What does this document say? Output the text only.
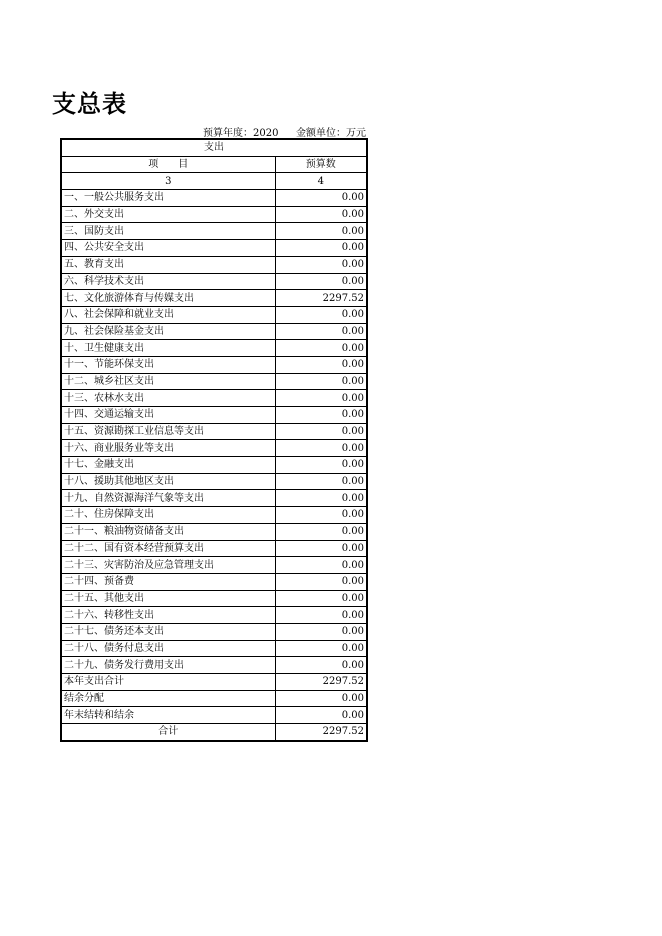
支总表
预算年度：2020 金额单位：万元
支出	
项　　目	预算数
3	4
一、一般公共服务支出	0.00
二、外交支出	0.00
三、国防支出	0.00
四、公共安全支出	0.00
五、教育支出	0.00
六、科学技术支出	0.00
七、文化旅游体育与传媒支出	2297.52
八、社会保障和就业支出	0.00
九、社会保险基金支出	0.00
十、卫生健康支出	0.00
十一、节能环保支出	0.00
十二、城乡社区支出	0.00
十三、农林水支出	0.00
十四、交通运输支出	0.00
十五、资源勘探工业信息等支出	0.00
十六、商业服务业等支出	0.00
十七、金融支出	0.00
十八、援助其他地区支出	0.00
十九、自然资源海洋气象等支出	0.00
二十、住房保障支出	0.00
二十一、粮油物资储备支出	0.00
二十二、国有资本经营预算支出	0.00
二十三、灾害防治及应急管理支出	0.00
二十四、预备费	0.00
二十五、其他支出	0.00
二十六、转移性支出	0.00
二十七、债务还本支出	0.00
二十八、债务付息支出	0.00
二十九、债务发行费用支出	0.00
本年支出合计	2297.52
结余分配	0.00
年末结转和结余	0.00
合计	2297.52
